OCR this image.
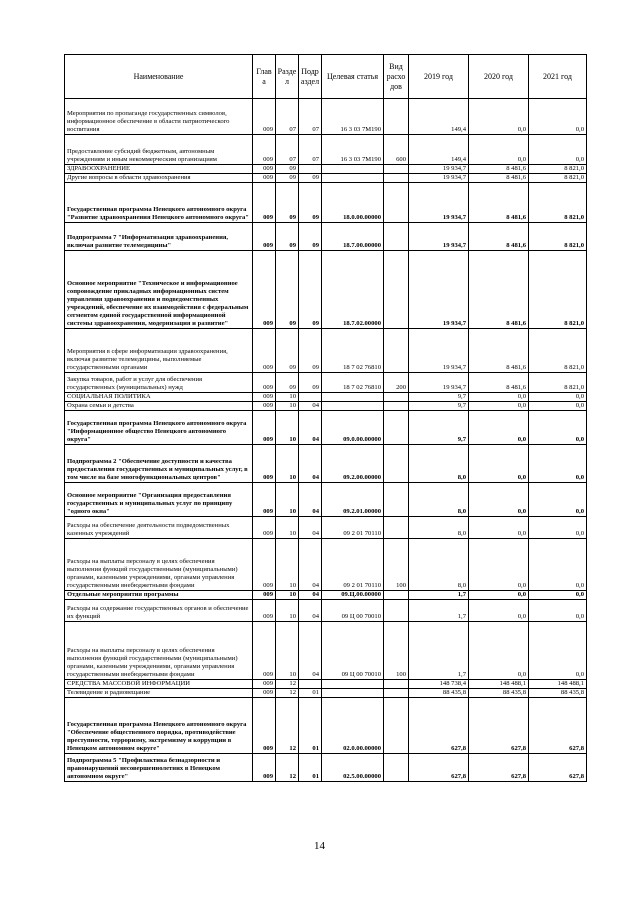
Наименование	Глав а	Разде л	Подр аздел	Целевая статья	Вид расхо дов	2019 год	2020 год	2021 год
Мероприятия по пропаганде государственных символов, информационное обеспечение в области патриотического воспитания	009	07	07	16 3 03 7М190		149,4	0,0	0,0
Предоставление субсидий бюджетным, автономным учреждениям и иным некоммерческим организациям	009	07	07	16 3 03 7М190	600	149,4	0,0	0,0
ЗДРАВООХРАНЕНИЕ	009	09				19 934,7	8 481,6	8 821,0
Другие вопросы в области здравоохранения	009	09	09			19 934,7	8 481,6	8 821,0
Государственная программа Ненецкого автономного округа "Развитие здравоохранения Ненецкого автономного округа"	009	09	09	18.0.00.00000		19 934,7	8 481,6	8 821,0
Подпрограмма 7 "Информатизация здравоохранения, включая развитие телемедицины"	009	09	09	18.7.00.00000		19 934,7	8 481,6	8 821,0
Основное мероприятие "Техническое и информационное сопровождение прикладных информационных систем управления здравоохранения и подведомственных учреждений, обеспечение их взаимодействия с федеральным сегментом единой государственной информационной системы здравоохранения, модернизация и развитие"	009	09	09	18.7.02.00000		19 934,7	8 481,6	8 821,0
Мероприятия в сфере информатизации здравоохранения, включая развитие телемедицины, выполняемые государственными органами	009	09	09	18 7 02 76810		19 934,7	8 481,6	8 821,0
Закупка товаров, работ и услуг для обеспечения государственных (муниципальных) нужд	009	09	09	18 7 02 76810	200	19 934,7	8 481,6	8 821,0
СОЦИАЛЬНАЯ ПОЛИТИКА	009	10				9,7	0,0	0,0
Охрана семьи и детства	009	10	04			9,7	0,0	0,0
Государственная программа Ненецкого автономного округа "Информационное общество Ненецкого автономного округа"	009	10	04	09.0.00.00000		9,7	0,0	0,0
Подпрограмма 2 "Обеспечение доступности и качества предоставления государственных и муниципальных услуг, в том числе на базе многофункциональных центров"	009	10	04	09.2.00.00000		8,0	0,0	0,0
Основное мероприятие "Организация предоставления государственных и муниципальных услуг по принципу "одного окна"	009	10	04	09.2.01.00000		8,0	0,0	0,0
Расходы на обеспечение деятельности подведомственных казенных учреждений	009	10	04	09 2 01 70110		8,0	0,0	0,0
Расходы на выплаты персоналу в целях обеспечения выполнения функций государственными (муниципальными) органами, казенными учреждениями, органами управления государственными внебюджетными фондами	009	10	04	09 2 01 70110	100	8,0	0,0	0,0
Отдельные мероприятия программы	009	10	04	09.Ц.00.00000		1,7	0,0	0,0
Расходы на содержание государственных органов и обеспечение их функций	009	10	04	09 Ц 00 70010		1,7	0,0	0,0
Расходы на выплаты персоналу в целях обеспечения выполнения функций государственными (муниципальными) органами, казенными учреждениями, органами управления государственными внебюджетными фондами	009	10	04	09 Ц 00 70010	100	1,7	0,0	0,0
СРЕДСТВА МАССОВОЙ ИНФОРМАЦИИ	009	12				148 738,4	148 488,1	148 488,1
Телевидение и радиовещание	009	12	01			88 435,8	88 435,8	88 435,8
Государственная программа Ненецкого автономного округа "Обеспечение общественного порядка, противодействие преступности, терроризму, экстремизму и коррупции в Ненецком автономном округе"	009	12	01	02.0.00.00000		627,8	627,8	627,8
Подпрограмма 5 "Профилактика безнадзорности и правонарушений несовершеннолетних в Ненецком автономном округе"	009	12	01	02.5.00.00000		627,8	627,8	627,8
14
